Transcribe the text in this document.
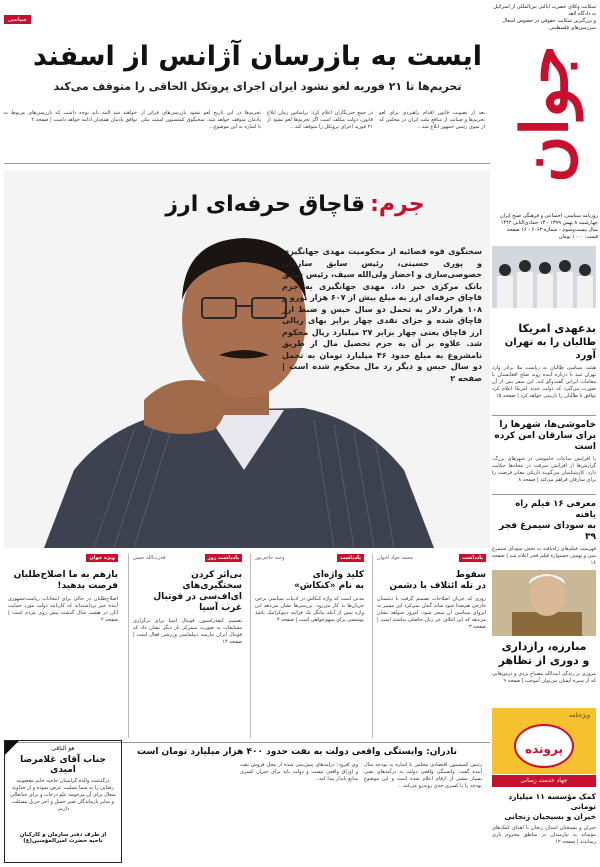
شکایت وکلای حضرت ایالتی بین‌المللی از اسرائیل به دادگاه لاهه
و بزرگترین شکایت حقوقی در خصوص اشغال سرزمین‌های فلسطینی
سیاسی
جوان
روزنامه سیاسی، اجتماعی و فرهنگی صبح ایران
چهارشنبه ۸ بهمن ۱۳۹۹ - ۱۳ جمادی‌الثانی ۱۴۴۲
سال بیست‌وسوم - شماره ۶۰۶۳ - ۱۶ صفحه
قیمت: ۱۰۰۰ تومان
ایست به بازرسان آژانس از اسفند
تحریم‌ها تا ۲۱ فوریه لغو نشود ایران اجرای پروتکل الحاقی را متوقف می‌کند
بعد از تصویب قانون اقدام راهبردی برای لغو تحریم‌ها و صیانت از منافع ملت ایران در مجلس که از سوی رئیس جمهور ابلاغ شد...
در جمع خبرنگاران اعلام کرد: براساس زمان ابلاغ قانون، دولت مکلف است اگر تحریم‌ها لغو نشود از ۲۱ فوریه اجرای پروتکل را متوقف کند...
تحریم‌ها در این تاریخ لغو نشود بازرسی‌های فراتر از پادمان متوقف خواهد شد. سخنگوی کمیسیون امنیت ملی با اشاره به این موضوع...
خواهند شد البته باید توجه داشت که بازرسی‌های مربوط به توافق پادمان همچنان ادامه خواهد داشت | صفحه ۲
جرم: قاچاق حرفه‌ای ارز
سخنگوی قوه قضائیه از محکومیت مهدی جهانگیری و پوری حسینی، رئیس سابق سازمان خصوصی‌سازی و احضار ولی‌الله سیف، رئیس سابق بانک مرکزی خبر داد. مهدی جهانگیری به جرم قاچاق حرفه‌ای ارز به مبلغ بیش از ۶۰۷ هزار یورو و ۱۰۸ هزار دلار به تحمل دو سال حبس و ضبط ارز قاچاق شده و جزای نقدی چهار برابر بهای ریالی ارز قاچاق یعنی چهار برابر ۲۷ میلیارد ریال محکوم شد. علاوه بر آن به جرم تحصیل مال از طریق نامشروع به مبلغ حدود ۴۶ میلیارد تومان به تحمل دو سال حبس و دیگر رد مال محکوم شده است | صفحه ۲
بدعهدی امریکا
طالبان را به تهران آورد
هیئت سیاسی طالبان به ریاست ملا برادر وارد تهران شد تا درباره آینده روند صلح افغانستان با مقامات ایرانی گفت‌وگو کند. این سفر پس از آن صورت می‌گیرد که دولت جدید امریکا اعلام کرد توافق با طالبان را بازبینی خواهد کرد | صفحه ۱۵
خاموشی‌ها، شهرها را
برای سارقان امن کرده است
با افزایش ساعات خاموشی در شهرهای بزرگ، گزارش‌ها از افزایش سرقت در محله‌ها حکایت دارد. کارشناسان می‌گویند تاریکی معابر فرصت را برای سارقان فراهم می‌کند | صفحه ۸
معرفی ۱۶ فیلم راه یافته
به سودای سیمرغ فجر ۳۹
فهرست فیلم‌های راه‌یافته به بخش سودای سیمرغ سی و نهمین جشنواره فیلم فجر اعلام شد | صفحه ۱۶
مبارزه، رازداری
و دوری از تظاهر
مروری بر زندگی آیت‌الله مصباح یزدی و درس‌هایی که از سیره ایشان می‌توان آموخت | صفحه ۹
ویژه‌نامه
پرونده
جهاد خدمت رسانی
کمک مؤسسه ۱۱ میلیارد تومانی
خیران و بسیجیان زنجانی
خیران و بسیجیان استان زنجان با اهدای کمک‌های مؤمنانه به نیازمندان در مناطق محروم یاری رساندند | صفحه ۱۲
یادداشت
محمد جواد اخوان
سقوط
در تله ائتلاف با دشمن
روزی که جریان اصلاحات تصمیم گرفت با دشمنان خارجی هم‌صدا شود شاید گمان نمی‌کرد این مسیر به انزوای سیاسی آن منجر شود. امروز شواهد نشان می‌دهد که این ائتلاف جز زیان حاصلی نداشته است | صفحه ۳
یادداشت
وحید حاجی‌پور
کلید واژه‌ای
به نام «کنکاش»
مدتی است که واژه کنکاش در ادبیات سیاسی برخی جریان‌ها به کار می‌رود. بررسی‌ها نشان می‌دهد این واژه بیش از آنکه بیانگر یک فرایند دموکراتیک باشد پوششی برای سهم‌خواهی است | صفحه ۴
یادداشت روز
قدرت‌الله حسن
بی‌اثر کردن سختگیری‌های
ای‌اف‌سی در فوتبال غرب آسیا
تصمیم کنفدراسیون فوتبال آسیا برای برگزاری مسابقات به صورت متمرکز بار دیگر نشان داد که فوتبال ایران نیازمند دیپلماسی ورزشی فعال است | صفحه ۱۴
ویژه جوان
بازهم به ما اصلاح‌طلبان
فرصت بدهید!
اصلاح‌طلبان در حالی برای انتخابات ریاست‌جمهوری آینده خیز برداشته‌اند که کارنامه دولت مورد حمایت آنان در هشت سال گذشته پیش روی مردم است | صفحه ۲
نادران: وابستگی واقعی دولت به نفت حدود ۴۰۰ هزار میلیارد تومان است
رئیس کمیسیون اقتصادی مجلس با اشاره به بودجه سال آینده گفت: وابستگی واقعی دولت به درآمدهای نفتی بسیار بیشتر از ارقام اعلام شده است و این موضوع بودجه را با کسری جدی روبه‌رو می‌کند...
وی افزود: درآمدهای پیش‌بینی شده از محل فروش نفت و اوراق واقعی نیست و دولت باید برای جبران کسری منابع پایدار پیدا کند...
هو الباقی
جناب آقای غلامرضا امیدی
درگذشت والده گرامیتان حاجیه خانم معصومه رضایی را به شما تسلیت عرض نموده و از خداوند متعال برای آن مرحومه علو درجات و برای جنابعالی و سایر بازماندگان صبر جمیل و اجر جزیل مسئلت داریم.
از طرف دفتر سازمان و کارکنان
ناحیه حضرت امیرالمؤمنین(ع)
